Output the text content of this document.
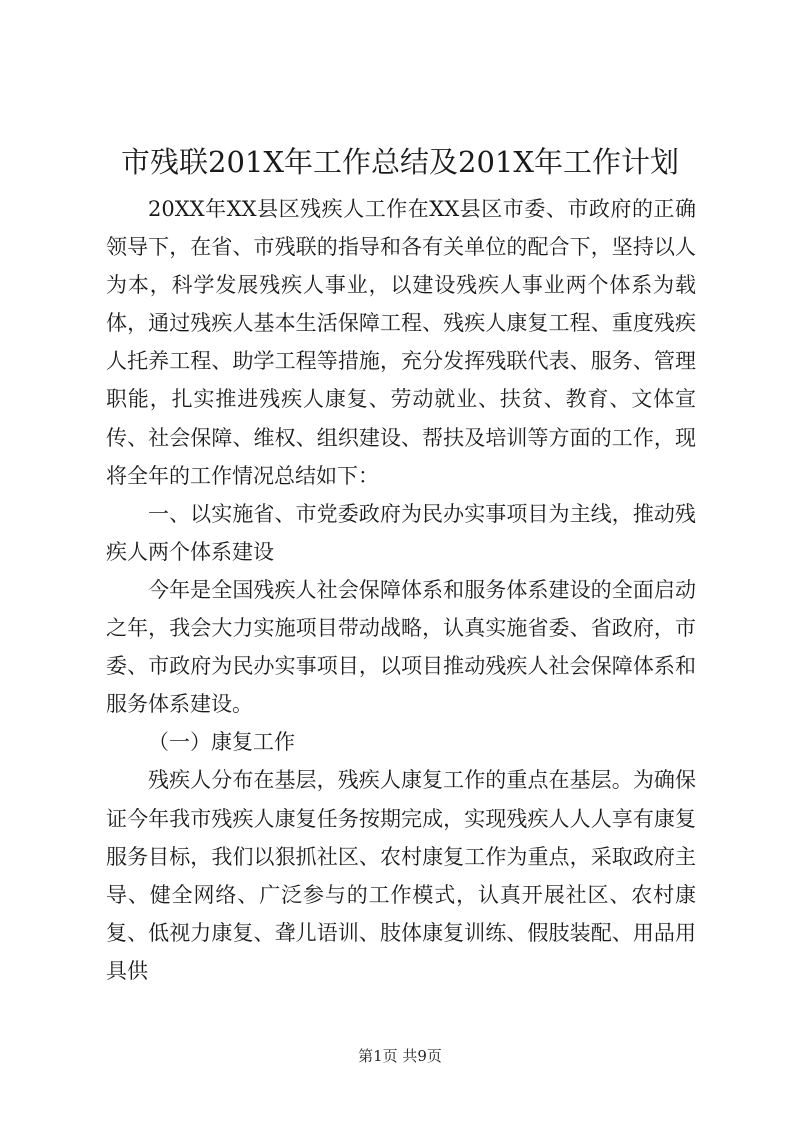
市残联201X年工作总结及201X年工作计划

20XX年XX县区残疾人工作在XX县区市委、市政府的正确领导下，在省、市残联的指导和各有关单位的配合下，坚持以人为本，科学发展残疾人事业，以建设残疾人事业两个体系为载体，通过残疾人基本生活保障工程、残疾人康复工程、重度残疾人托养工程、助学工程等措施，充分发挥残联代表、服务、管理职能，扎实推进残疾人康复、劳动就业、扶贫、教育、文体宣传、社会保障、维权、组织建设、帮扶及培训等方面的工作，现将全年的工作情况总结如下：

一、以实施省、市党委政府为民办实事项目为主线，推动残疾人两个体系建设

今年是全国残疾人社会保障体系和服务体系建设的全面启动之年，我会大力实施项目带动战略，认真实施省委、省政府，市委、市政府为民办实事项目，以项目推动残疾人社会保障体系和服务体系建设。

（一）康复工作

残疾人分布在基层，残疾人康复工作的重点在基层。为确保证今年我市残疾人康复任务按期完成，实现残疾人人人享有康复服务目标，我们以狠抓社区、农村康复工作为重点，采取政府主导、健全网络、广泛参与的工作模式，认真开展社区、农村康复、低视力康复、聋儿语训、肢体康复训练、假肢装配、用品用具供

第1页 共9页
